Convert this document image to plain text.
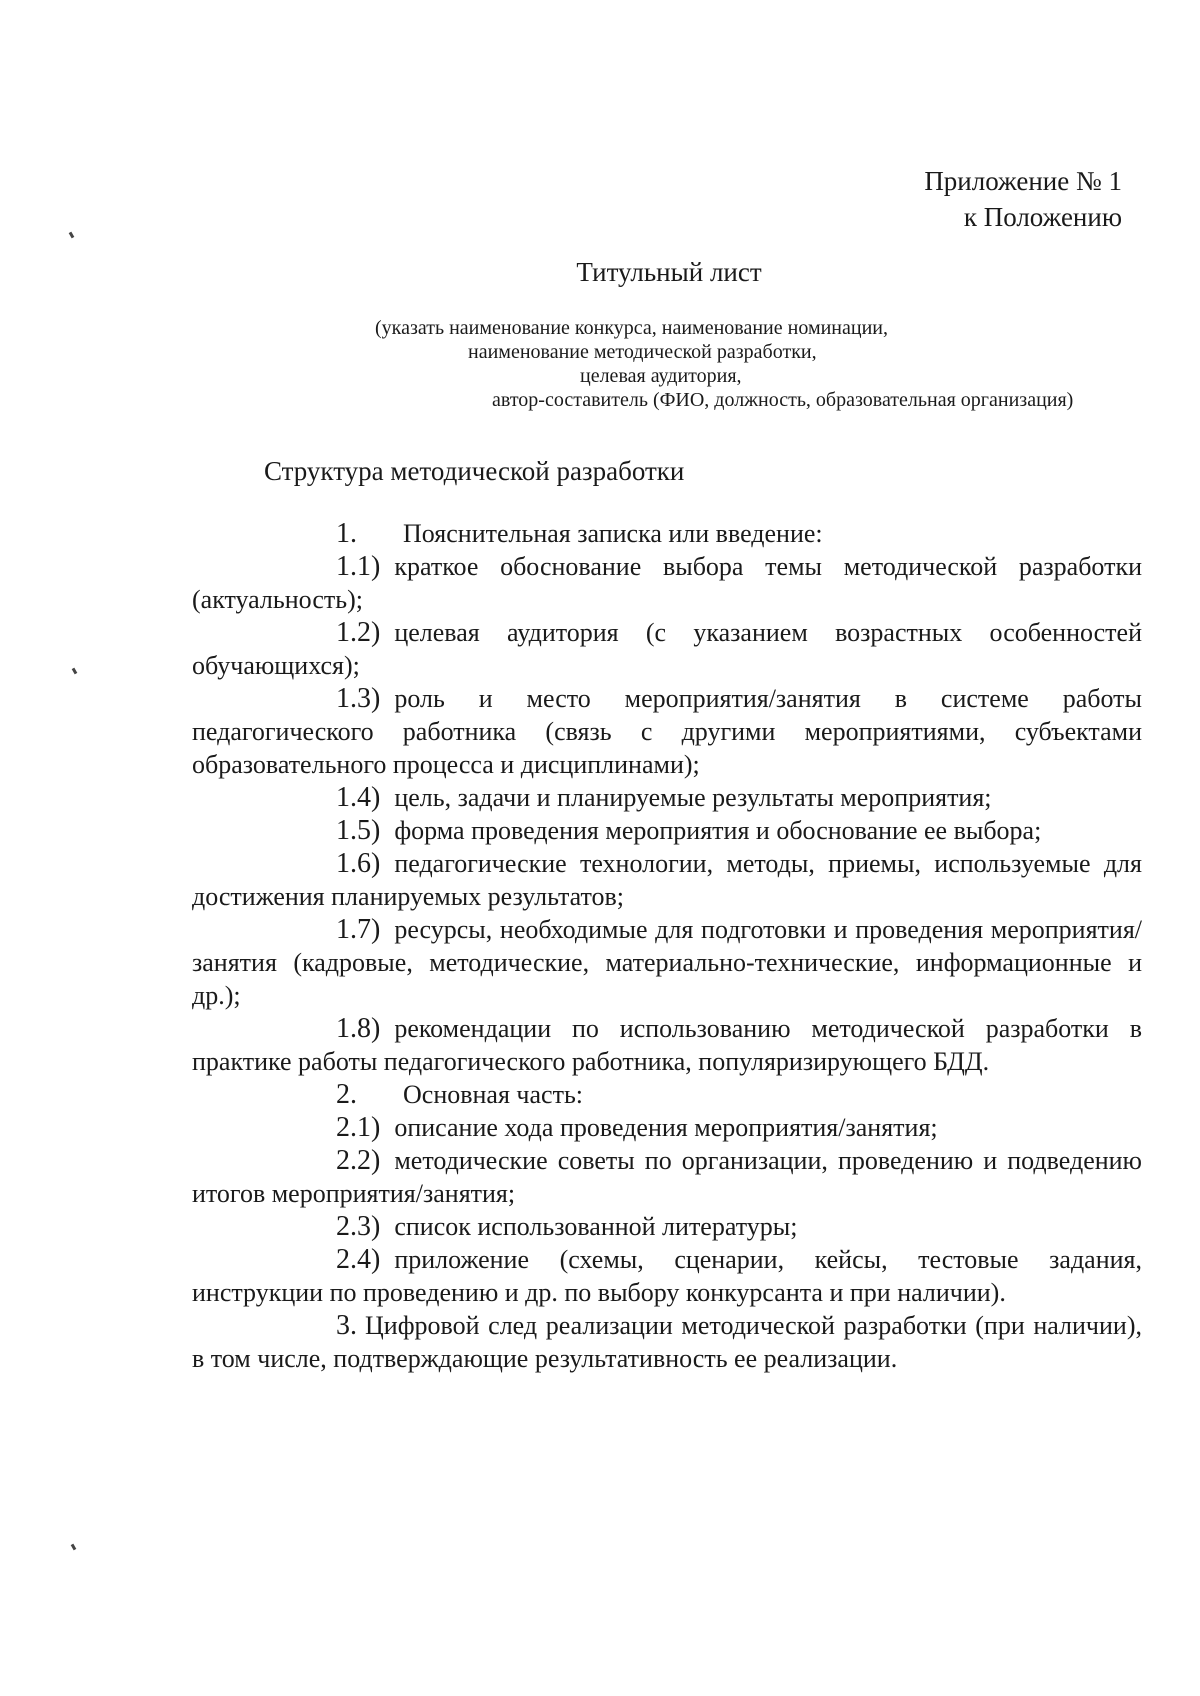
Приложение № 1
к Положению
Титульный лист
(указать наименование конкурса, наименование номинации,
наименование методической разработки,
целевая аудитория,
автор-составитель (ФИО, должность, образовательная организация)
Структура методической разработки

1. Пояснительная записка или введение:

1.1) краткое обоснование выбора темы методической разработки (актуальность);

1.2) целевая аудитория (с указанием возрастных особенностей обучающихся);

1.3) роль и место мероприятия/занятия в системе работы педагогического работника (связь с другими мероприятиями, субъектами образовательного процесса и дисциплинами);

1.4) цель, задачи и планируемые результаты мероприятия;

1.5) форма проведения мероприятия и обоснование ее выбора;

1.6) педагогические технологии, методы, приемы, используемые для достижения планируемых результатов;

1.7) ресурсы, необходимые для подготовки и проведения мероприятия/занятия (кадровые, методические, материально-технические, информационные и др.);

1.8) рекомендации по использованию методической разработки в практике работы педагогического работника, популяризирующего БДД.

2. Основная часть:

2.1) описание хода проведения мероприятия/занятия;

2.2) методические советы по организации, проведению и подведению итогов мероприятия/занятия;

2.3) список использованной литературы;

2.4) приложение (схемы, сценарии, кейсы, тестовые задания, инструкции по проведению и др. по выбору конкурсанта и при наличии).

3. Цифровой след реализации методической разработки (при наличии), в том числе, подтверждающие результативность ее реализации.
